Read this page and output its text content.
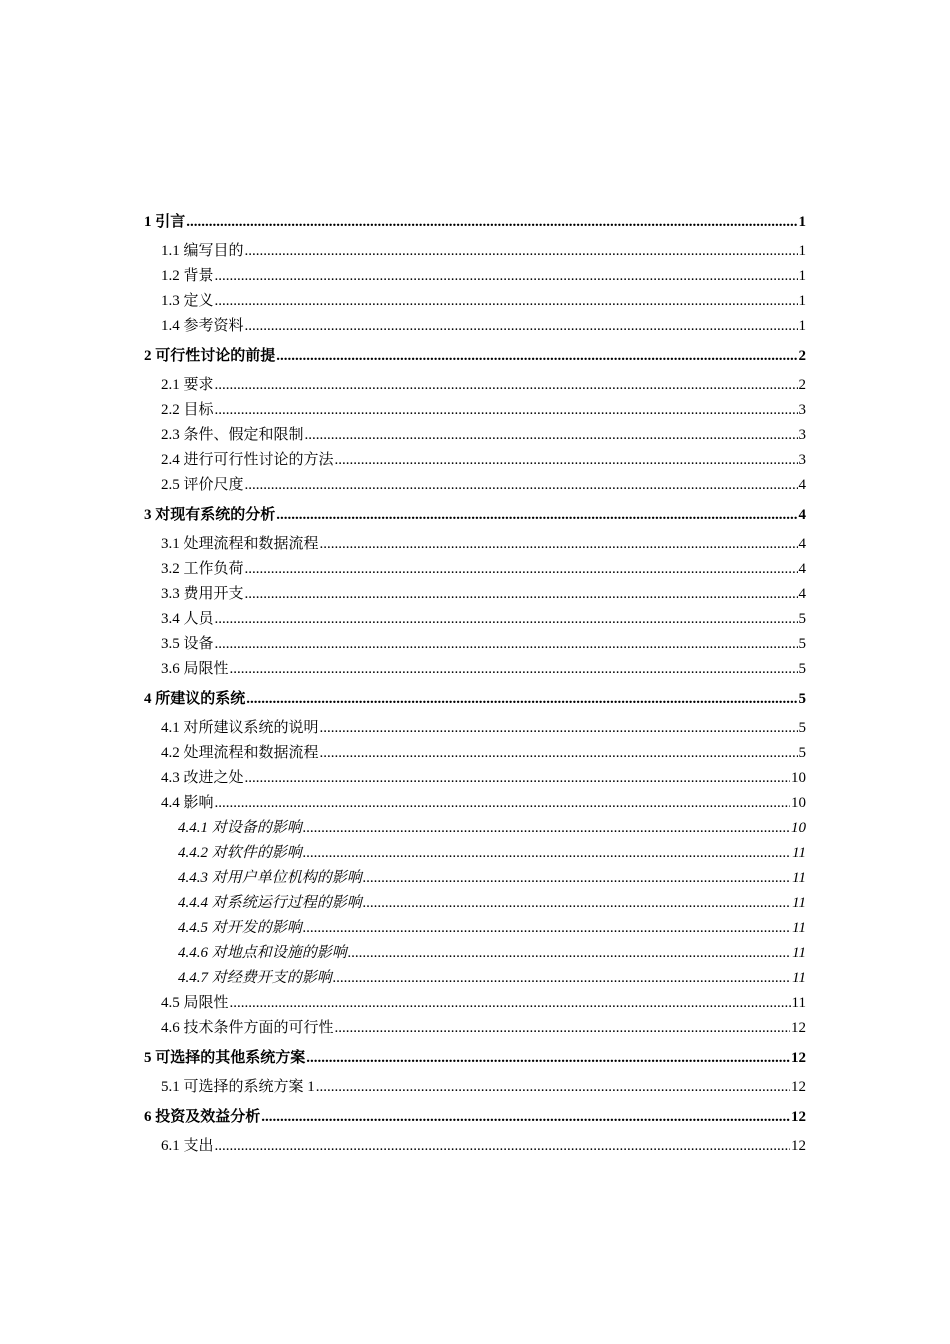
1 引言 .....	1
1.1 编写目的 .....	1
1.2 背景 .....	1
1.3 定义 .....	1
1.4 参考资料 .....	1
2 可行性讨论的前提 .....	2
2.1 要求 .....	2
2.2 目标 .....	3
2.3 条件、假定和限制 .....	3
2.4 进行可行性讨论的方法 .....	3
2.5 评价尺度 .....	4
3 对现有系统的分析 .....	4
3.1 处理流程和数据流程 .....	4
3.2 工作负荷 .....	4
3.3 费用开支 .....	4
3.4 人员 .....	5
3.5 设备 .....	5
3.6 局限性 .....	5
4 所建议的系统 .....	5
4.1 对所建议系统的说明 .....	5
4.2 处理流程和数据流程 .....	5
4.3 改进之处 .....	10
4.4 影响 .....	10
4.4.1 对设备的影响 .....	10
4.4.2 对软件的影响 .....	11
4.4.3 对用户单位机构的影响 .....	11
4.4.4 对系统运行过程的影响 .....	11
4.4.5 对开发的影响 .....	11
4.4.6 对地点和设施的影响 .....	11
4.4.7 对经费开支的影响 .....	11
4.5 局限性 .....	11
4.6 技术条件方面的可行性 .....	12
5 可选择的其他系统方案 .....	12
5.1 可选择的系统方案 1 .....	12
6 投资及效益分析 .....	12
6.1 支出 .....	12
